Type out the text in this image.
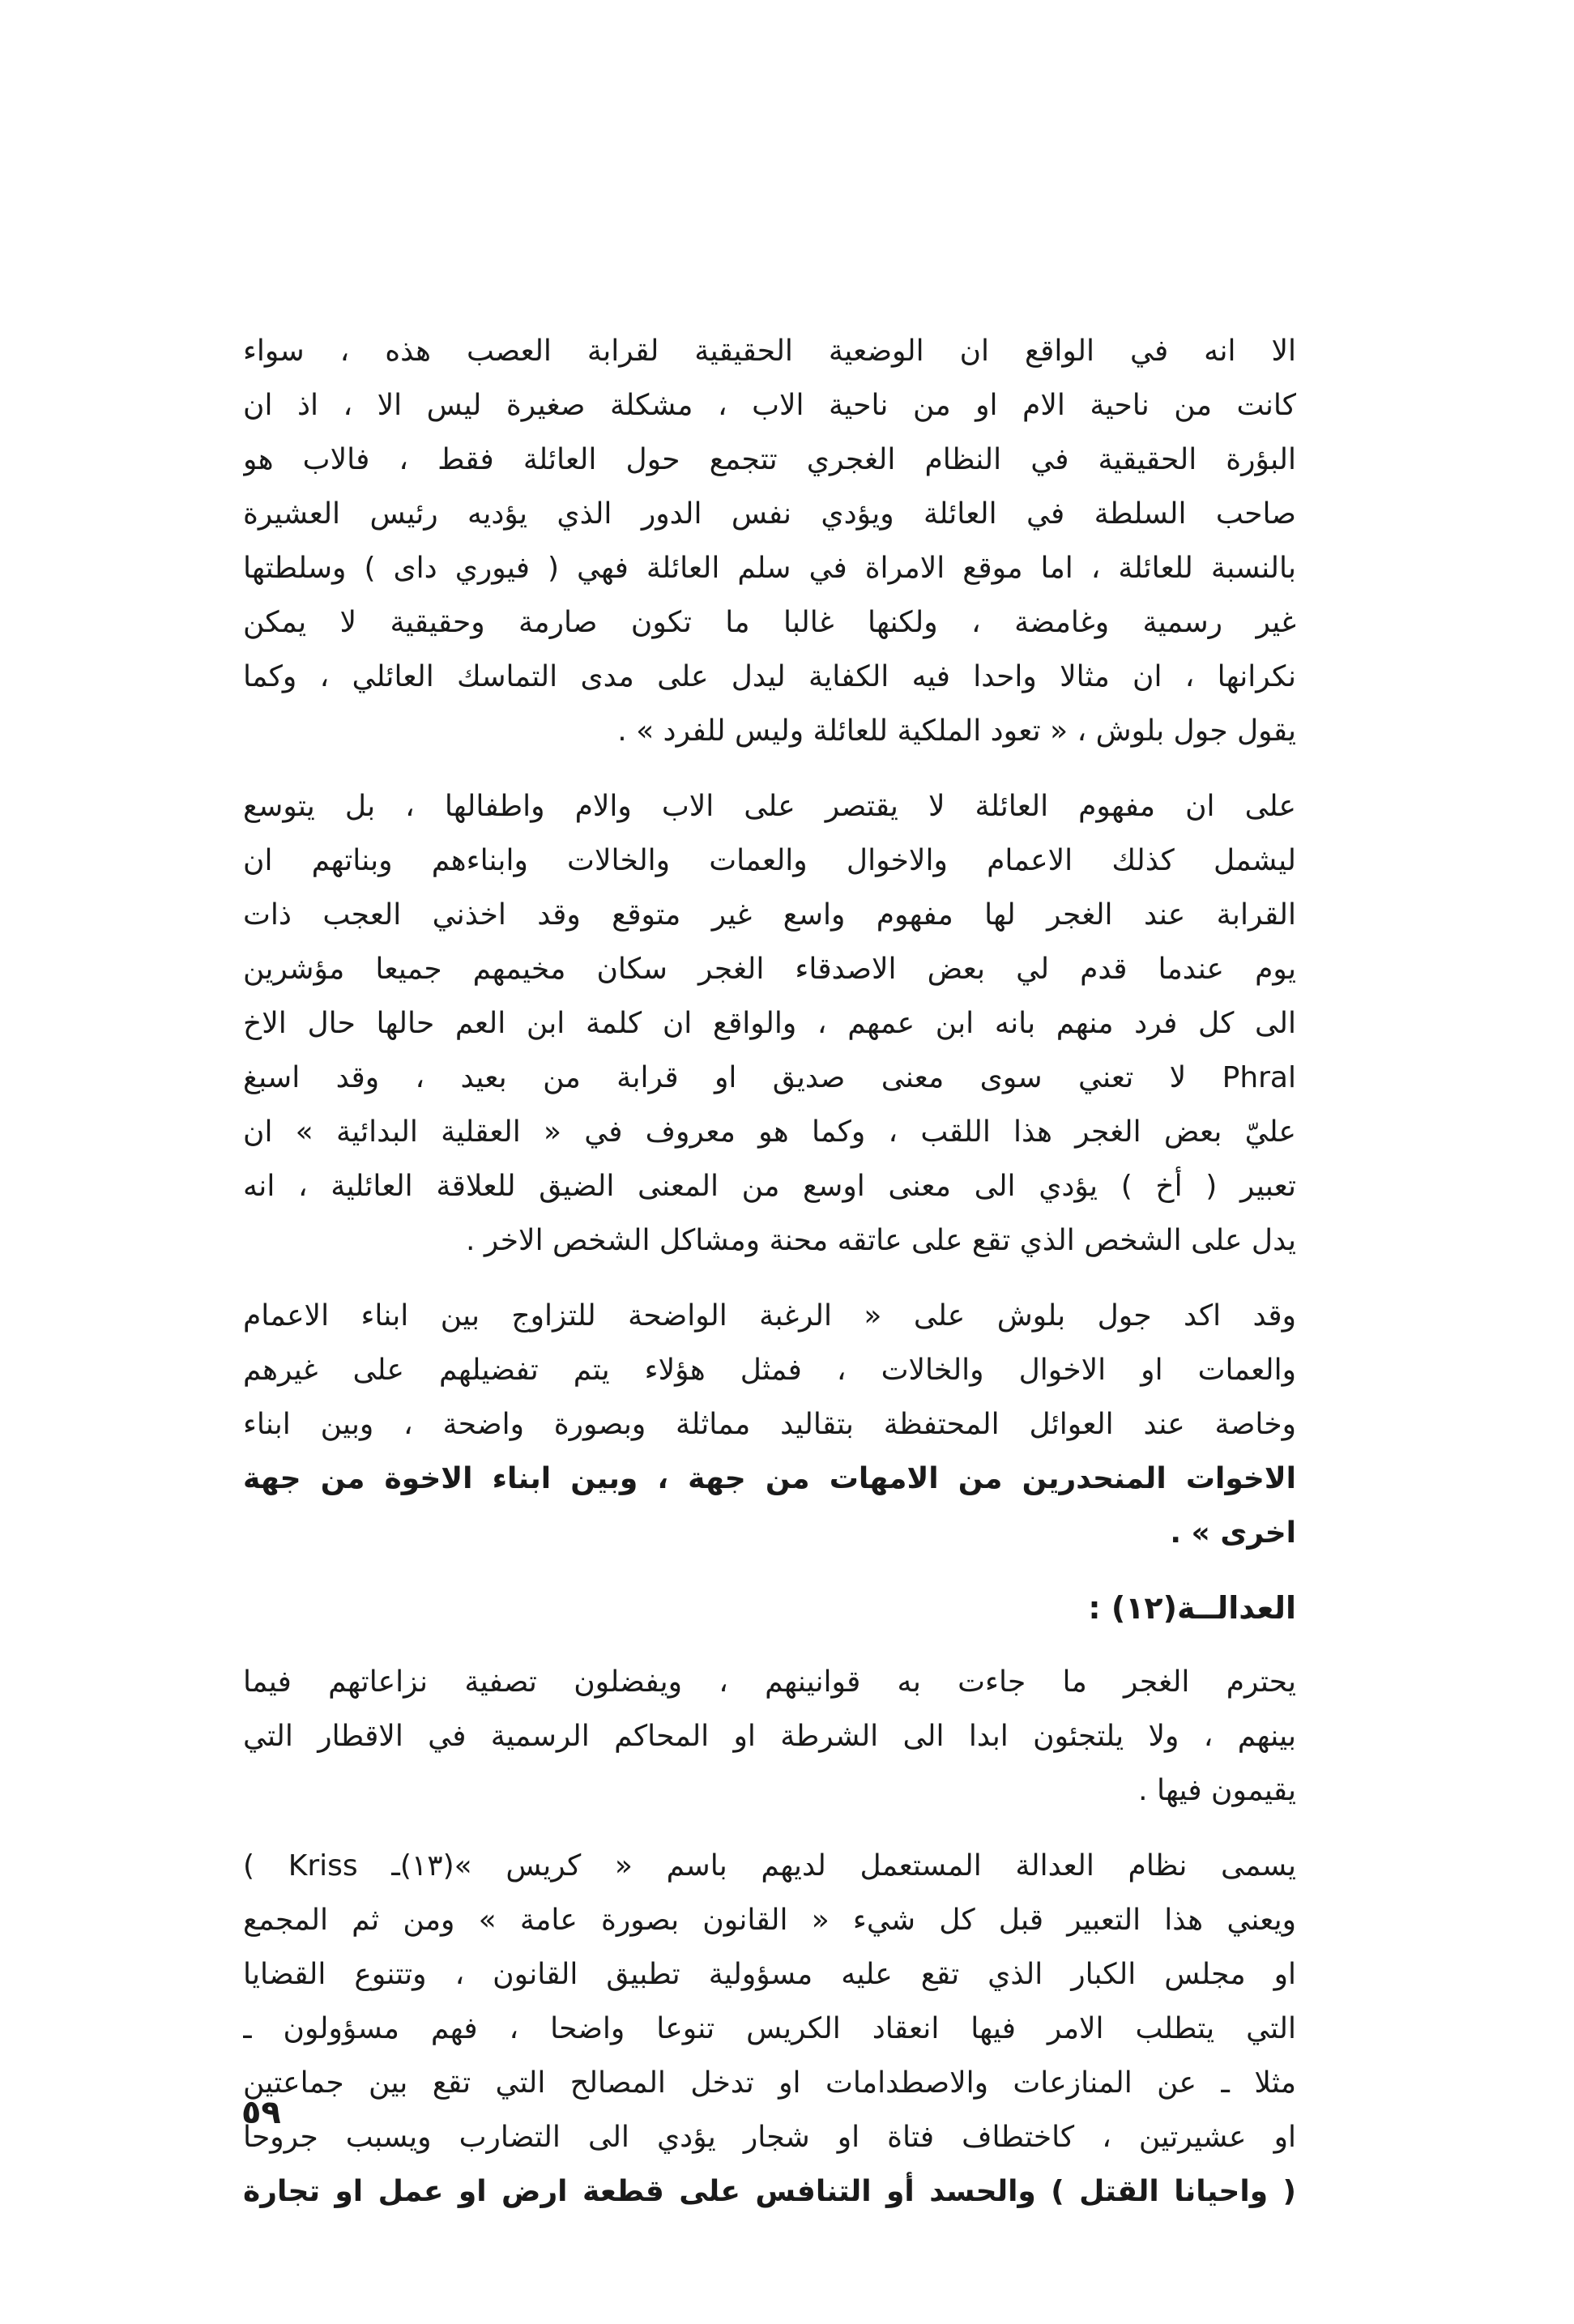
الا انه في الواقع ان الوضعية الحقيقية لقرابة العصب هذه ، سواء
كانت من ناحية الام او من ناحية الاب ، مشكلة صغيرة ليس الا ، اذ ان
البؤرة الحقيقية في النظام الغجري تتجمع حول العائلة فقط ، فالاب هو
صاحب السلطة في العائلة ويؤدي نفس الدور الذي يؤديه رئيس العشيرة
بالنسبة للعائلة ، اما موقع الامراة في سلم العائلة فهي ( فيوري داى ) وسلطتها
غير رسمية وغامضة ، ولكنها غالبا ما تكون صارمة وحقيقية لا يمكن
نكرانها ، ان مثالا واحدا فيه الكفاية ليدل على مدى التماسك العائلي ، وكما
يقول جول بلوش ، « تعود الملكية للعائلة وليس للفرد » .
على ان مفهوم العائلة لا يقتصر على الاب والام واطفالها ، بل يتوسع
ليشمل كذلك الاعمام والاخوال والعمات والخالات وابناءهم وبناتهم ان
القرابة عند الغجر لها مفهوم واسع غير متوقع وقد اخذني العجب ذات
يوم عندما قدم لي بعض الاصدقاء الغجر سكان مخيمهم جميعا مؤشرين
الى كل فرد منهم بانه ابن عمهم ، والواقع ان كلمة ابن العم حالها حال الاخ
Phral لا تعني سوى معنى صديق او قرابة من بعيد ، وقد اسبغ
عليّ بعض الغجر هذا اللقب ، وكما هو معروف في « العقلية البدائية » ان
تعبير ( أخ ) يؤدي الى معنى اوسع من المعنى الضيق للعلاقة العائلية ، انه
يدل على الشخص الذي تقع على عاتقه محنة ومشاكل الشخص الاخر .
وقد اكد جول بلوش على « الرغبة الواضحة للتزاوج بين ابناء الاعمام
والعمات او الاخوال والخالات ، فمثل هؤلاء يتم تفضيلهم على غيرهم
وخاصة عند العوائل المحتفظة بتقاليد مماثلة وبصورة واضحة ، وبين ابناء
الاخوات المنحدرين من الامهات من جهة ، وبين ابناء الاخوة من جهة
اخرى » .
العدالــة(١٢) :
يحترم الغجر ما جاءت به قوانينهم ، ويفضلون تصفية نزاعاتهم فيما
بينهم ، ولا يلتجئون ابدا الى الشرطة او المحاكم الرسمية في الاقطار التي
يقيمون فيها .
يسمى نظام العدالة المستعمل لديهم باسم « كريس »(١٣)ـ Kriss )
ويعني هذا التعبير قبل كل شيء « القانون بصورة عامة » ومن ثم المجمع
او مجلس الكبار الذي تقع عليه مسؤولية تطبيق القانون ، وتتنوع القضايا
التي يتطلب الامر فيها انعقاد الكريس تنوعا واضحا ، فهم مسؤولون ـ
مثلا ـ عن المنازعات والاصطدامات او تدخل المصالح التي تقع بين جماعتين
او عشيرتين ، كاختطاف فتاة او شجار يؤدي الى التضارب ويسبب جروحا
( واحيانا القتل ) والحسد أو التنافس على قطعة ارض او عمل او تجارة
٥٩
